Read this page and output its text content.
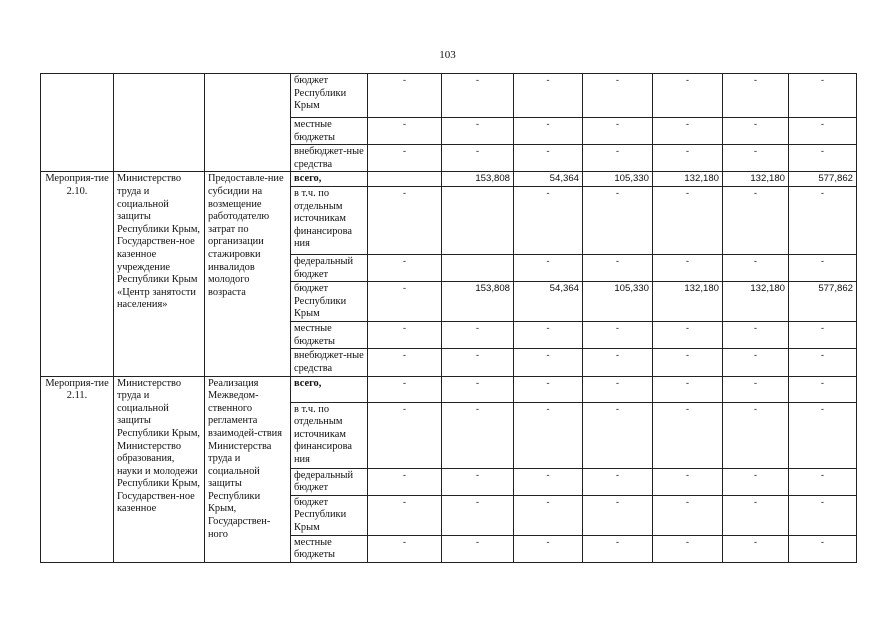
103
			бюджет Республики Крым	-	-	-	-	-	-	-
			местные бюджеты	-	-	-	-	-	-	-
			внебюджет-ные средства	-	-	-	-	-	-	-
Мероприя-тие 2.10.	Министерство труда и социальной защиты Республики Крым, Государствен-ное казенное учреждение Республики Крым «Центр занятости населения»	Предоставле-ние субсидии на возмещение работодателю затрат по организации стажировки инвалидов молодого возраста	всего,		153,808	54,364	105,330	132,180	132,180	577,862
			в т.ч. по отдельным источникам финансирова ния	-		-	-	-	-	-
			федеральный бюджет	-		-	-	-	-	-
			бюджет Республики Крым	-	153,808	54,364	105,330	132,180	132,180	577,862
			местные бюджеты	-	-	-	-	-	-	-
			внебюджет-ные средства	-	-	-	-	-	-	-
Мероприя-тие 2.11.	Министерство труда и социальной защиты Республики Крым, Министерство образования, науки и молодежи Республики Крым, Государствен-ное казенное	Реализация Межведом-ственного регламента взаимодей-ствия Министерства труда и социальной защиты Республики Крым, Государствен-ного	всего,	-	-	-	-	-	-	-
			в т.ч. по отдельным источникам финансирова ния	-	-	-	-	-	-	-
			федеральный бюджет	-	-	-	-	-	-	-
			бюджет Республики Крым	-	-	-	-	-	-	-
			местные бюджеты	-	-	-	-	-	-	-
